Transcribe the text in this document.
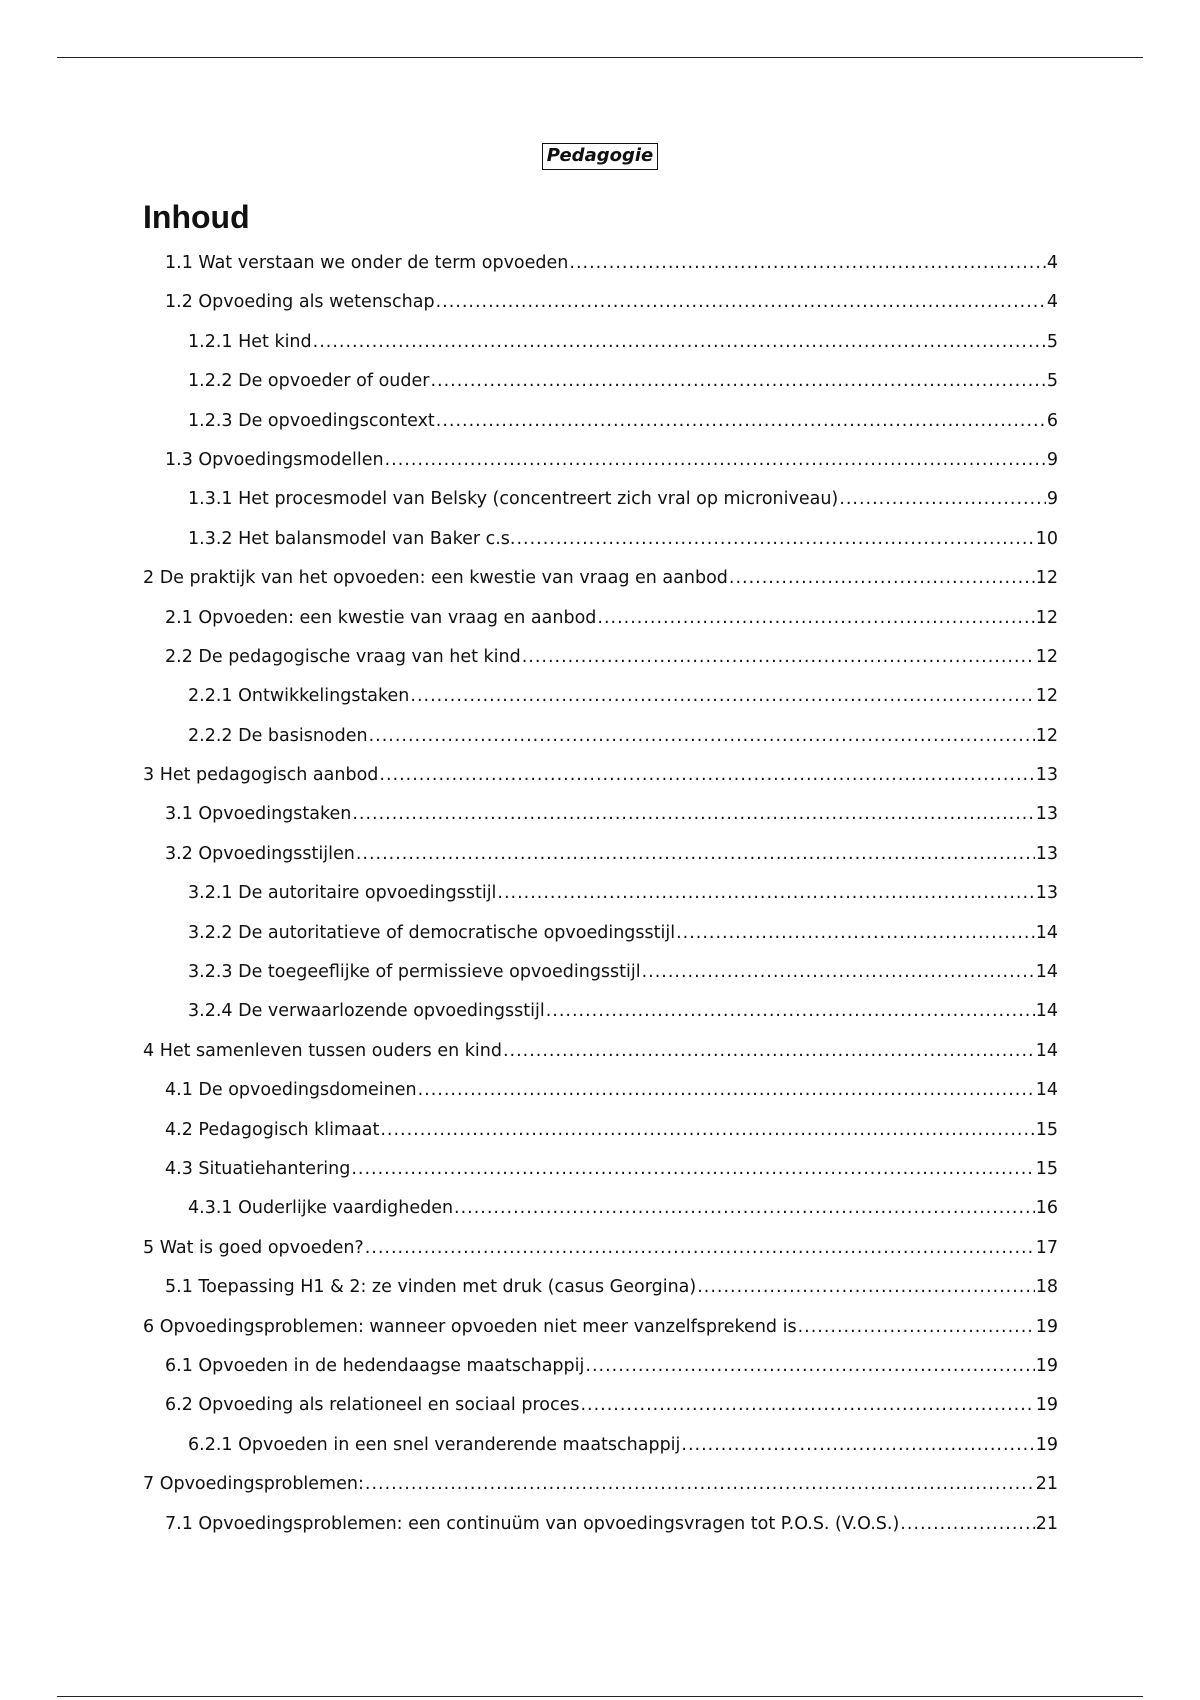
Pedagogie
Inhoud
1.1 Wat verstaan we onder de term opvoeden .....	4
1.2 Opvoeding als wetenschap .....	4
1.2.1 Het kind .....	5
1.2.2 De opvoeder of ouder .....	5
1.2.3 De opvoedingscontext .....	6
1.3 Opvoedingsmodellen .....	9
1.3.1 Het procesmodel van Belsky (concentreert zich vral op microniveau) .....	9
1.3.2 Het balansmodel van Baker c.s. .....	10
2 De praktijk van het opvoeden: een kwestie van vraag en aanbod .....	12
2.1 Opvoeden: een kwestie van vraag en aanbod .....	12
2.2 De pedagogische vraag van het kind .....	12
2.2.1 Ontwikkelingstaken .....	12
2.2.2 De basisnoden .....	12
3 Het pedagogisch aanbod .....	13
3.1 Opvoedingstaken .....	13
3.2 Opvoedingsstijlen .....	13
3.2.1 De autoritaire opvoedingsstijl .....	13
3.2.2 De autoritatieve of democratische opvoedingsstijl .....	14
3.2.3 De toegeeflijke of permissieve opvoedingsstijl .....	14
3.2.4 De verwaarlozende opvoedingsstijl .....	14
4 Het samenleven tussen ouders en kind .....	14
4.1 De opvoedingsdomeinen .....	14
4.2 Pedagogisch klimaat .....	15
4.3 Situatiehantering .....	15
4.3.1 Ouderlijke vaardigheden .....	16
5 Wat is goed opvoeden? .....	17
5.1 Toepassing H1 & 2: ze vinden met druk (casus Georgina) .....	18
6 Opvoedingsproblemen: wanneer opvoeden niet meer vanzelfsprekend is .....	19
6.1 Opvoeden in de hedendaagse maatschappij .....	19
6.2 Opvoeding als relationeel en sociaal proces .....	19
6.2.1 Opvoeden in een snel veranderende maatschappij .....	19
7 Opvoedingsproblemen: .....	21
7.1 Opvoedingsproblemen: een continuüm van opvoedingsvragen tot P.O.S. (V.O.S.) .....	21
